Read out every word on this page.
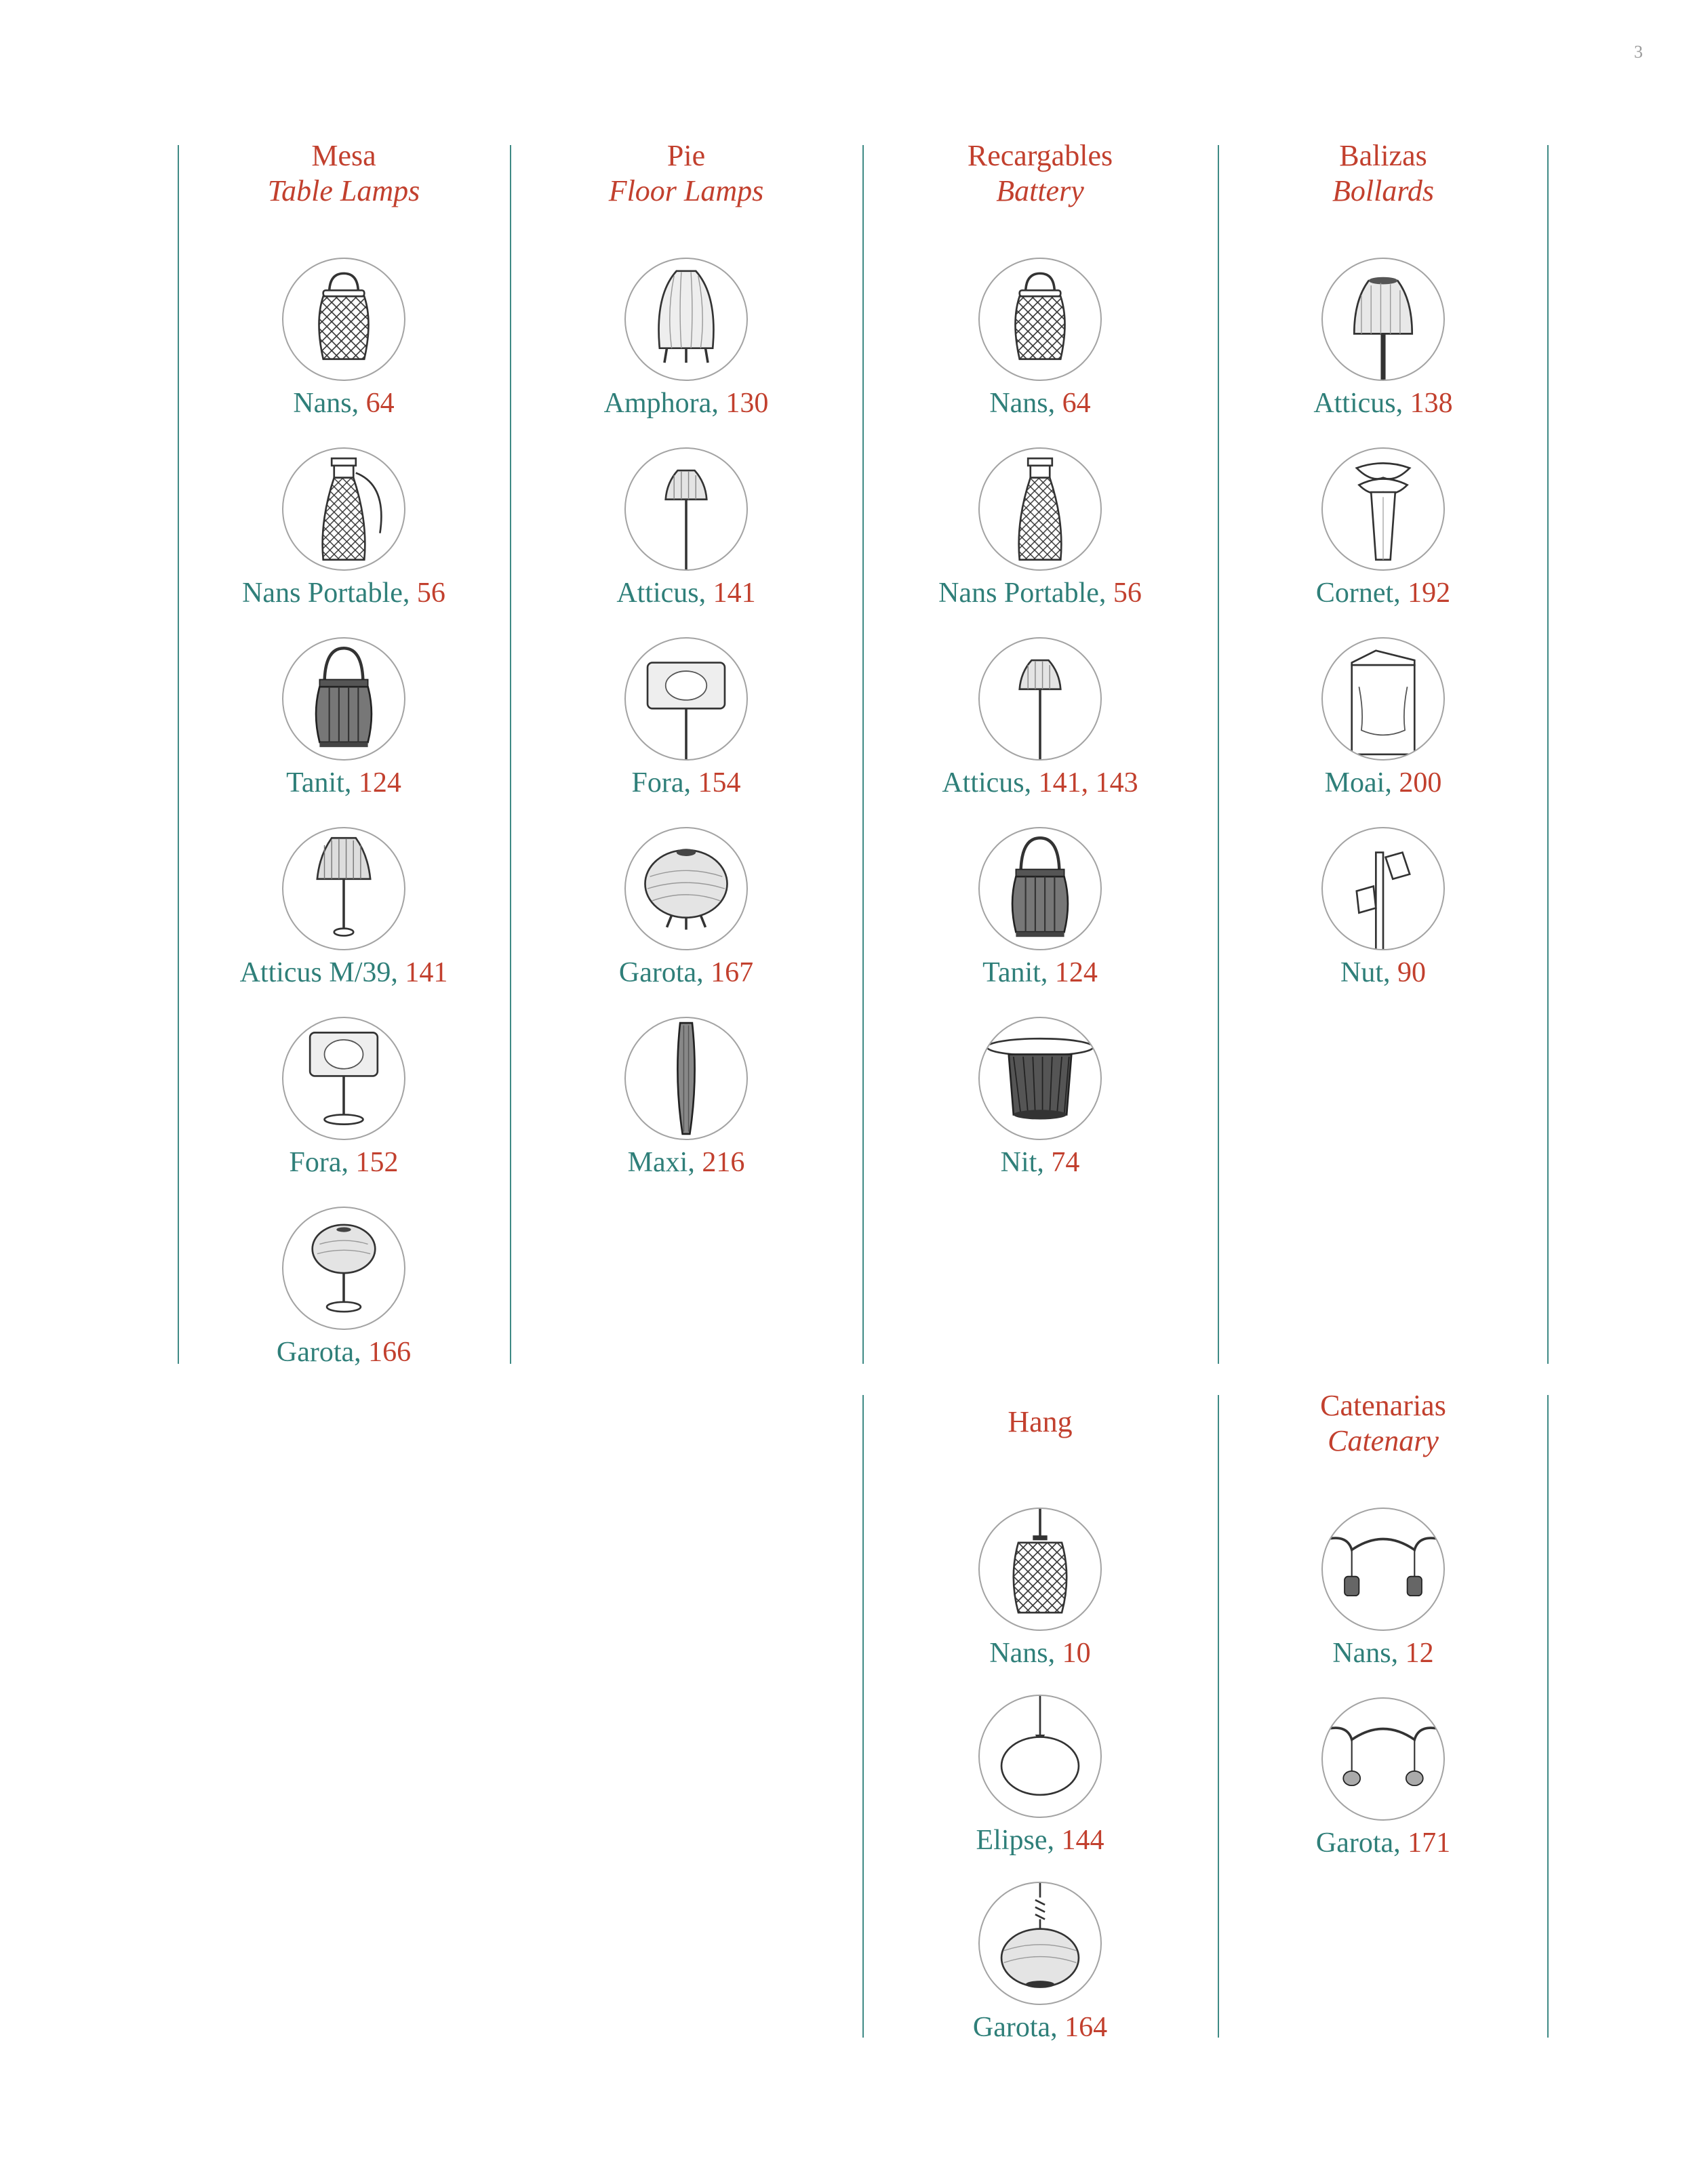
3
Mesa
Table Lamps
Nans, 64
Nans Portable, 56
Tanit, 124
Atticus M/39, 141
Fora, 152
Garota, 166
Pie
Floor Lamps
Amphora, 130
Atticus, 141
Fora, 154
Garota, 167
Maxi, 216
Recargables
Battery
Nans, 64
Nans Portable, 56
Atticus, 141, 143
Tanit, 124
Nit, 74
Balizas
Bollards
Atticus, 138
Cornet, 192
Moai, 200
Nut, 90
Hang
Nans, 10
Elipse, 144
Garota, 164
Catenarias
Catenary
Nans, 12
Garota, 171
